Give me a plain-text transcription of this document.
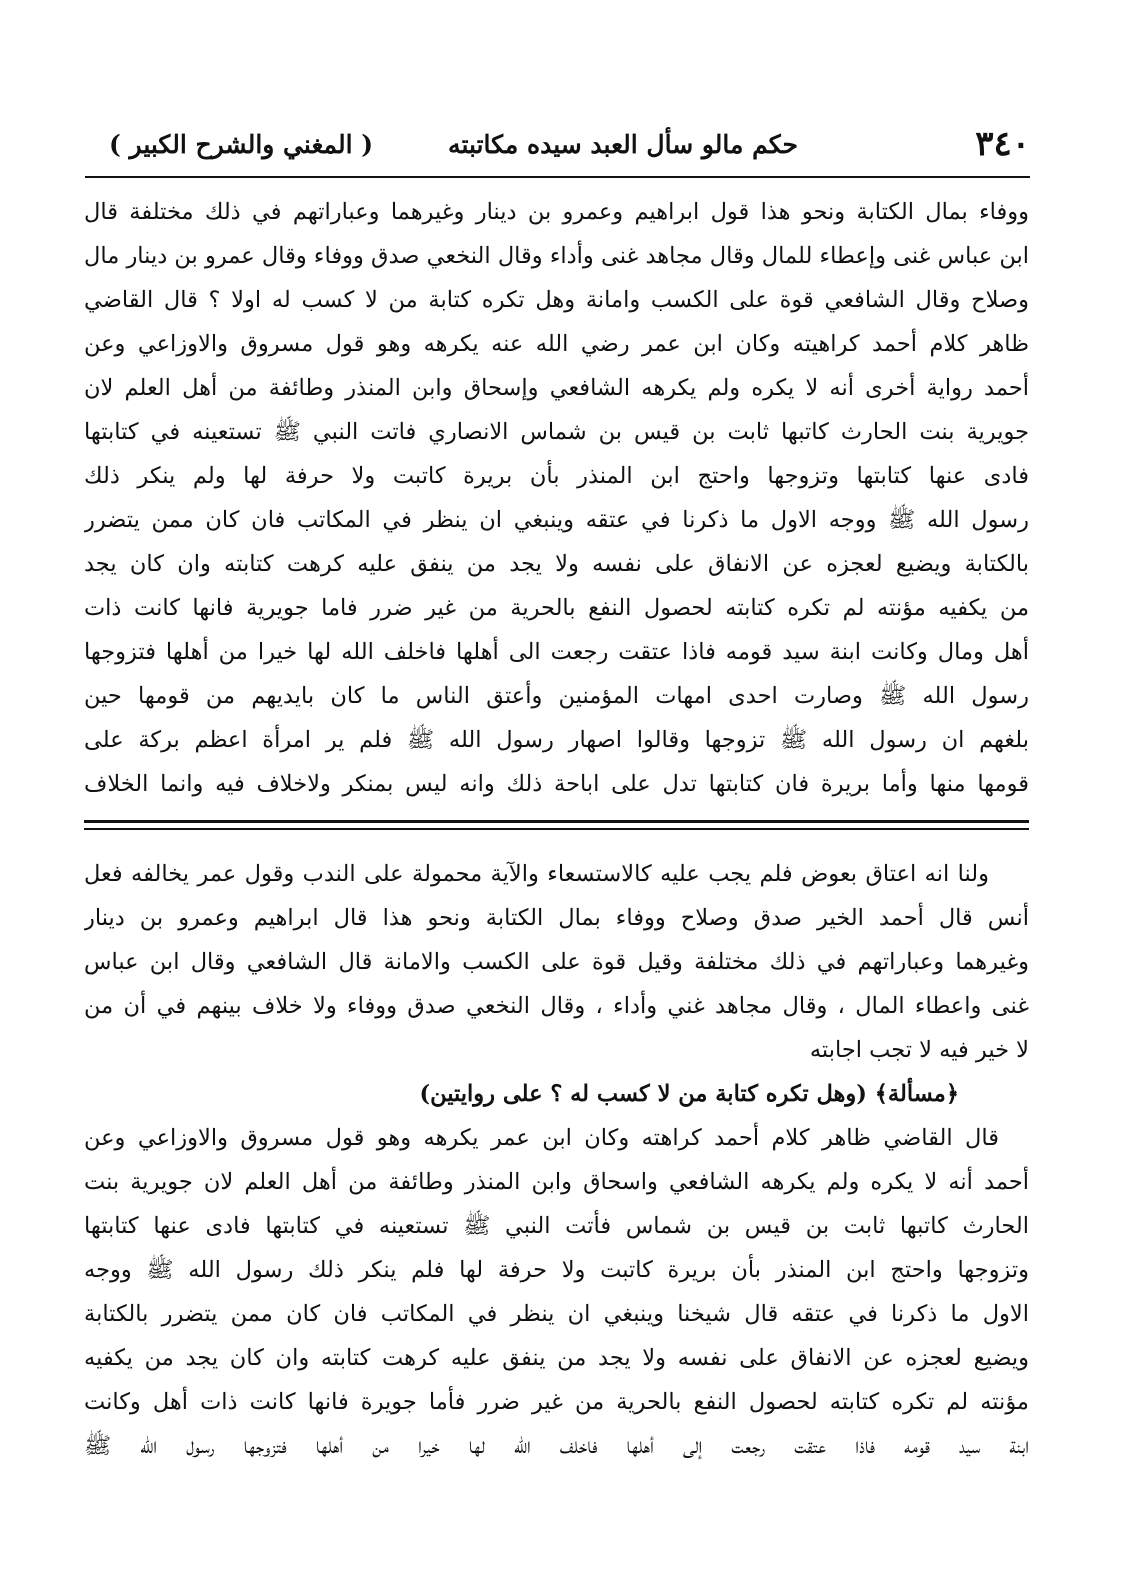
٣٤٠
حكم مالو سأل العبد سيده مكاتبته
( المغني والشرح الكبير )
ووفاء بمال الكتابة ونحو هذا قول ابراهيم وعمرو بن دينار وغيرهما وعباراتهم في ذلك مختلفة قال
ابن عباس غنى وإعطاء للمال وقال مجاهد غنى وأداء وقال النخعي صدق ووفاء وقال عمرو بن دينار مال
وصلاح وقال الشافعي قوة على الكسب وامانة وهل تكره كتابة من لا كسب له اولا ؟ قال القاضي
ظاهر كلام أحمد كراهيته وكان ابن عمر رضي الله عنه يكرهه وهو قول مسروق والاوزاعي وعن
أحمد رواية أخرى أنه لا يكره ولم يكرهه الشافعي وإسحاق وابن المنذر وطائفة من أهل العلم لان
جويرية بنت الحارث كاتبها ثابت بن قيس بن شماس الانصاري فاتت النبي ﷺ تستعينه في كتابتها
فادى عنها كتابتها وتزوجها واحتج ابن المنذر بأن بريرة كاتبت ولا حرفة لها ولم ينكر ذلك
رسول الله ﷺ ووجه الاول ما ذكرنا في عتقه وينبغي ان ينظر في المكاتب فان كان ممن يتضرر
بالكتابة ويضيع لعجزه عن الانفاق على نفسه ولا يجد من ينفق عليه كرهت كتابته وان كان يجد
من يكفيه مؤنته لم تكره كتابته لحصول النفع بالحرية من غير ضرر فاما جويرية فانها كانت ذات
أهل ومال وكانت ابنة سيد قومه فاذا عتقت رجعت الى أهلها فاخلف الله لها خيرا من أهلها فتزوجها
رسول الله ﷺ وصارت احدى امهات المؤمنين وأعتق الناس ما كان بايديهم من قومها حين
بلغهم ان رسول الله ﷺ تزوجها وقالوا اصهار رسول الله ﷺ فلم ير امرأة اعظم بركة على
قومها منها وأما بريرة فان كتابتها تدل على اباحة ذلك وانه ليس بمنكر ولاخلاف فيه وانما الخلاف
ولنا انه اعتاق بعوض فلم يجب عليه كالاستسعاء والآية محمولة على الندب وقول عمر يخالفه فعل
أنس قال أحمد الخير صدق وصلاح ووفاء بمال الكتابة ونحو هذا قال ابراهيم وعمرو بن دينار
وغيرهما وعباراتهم في ذلك مختلفة وقيل قوة على الكسب والامانة قال الشافعي وقال ابن عباس
غنى واعطاء المال ، وقال مجاهد غني وأداء ، وقال النخعي صدق ووفاء ولا خلاف بينهم في أن من
لا خير فيه لا تجب اجابته
﴿مسألة﴾ (وهل تكره كتابة من لا كسب له ؟ على روايتين)
قال القاضي ظاهر كلام أحمد كراهته وكان ابن عمر يكرهه وهو قول مسروق والاوزاعي وعن
أحمد أنه لا يكره ولم يكرهه الشافعي واسحاق وابن المنذر وطائفة من أهل العلم لان جويرية بنت
الحارث كاتبها ثابت بن قيس بن شماس فأتت النبي ﷺ تستعينه في كتابتها فادى عنها كتابتها
وتزوجها واحتج ابن المنذر بأن بريرة كاتبت ولا حرفة لها فلم ينكر ذلك رسول الله ﷺ ووجه
الاول ما ذكرنا في عتقه قال شيخنا وينبغي ان ينظر في المكاتب فان كان ممن يتضرر بالكتابة
ويضيع لعجزه عن الانفاق على نفسه ولا يجد من ينفق عليه كرهت كتابته وان كان يجد من يكفيه
مؤنته لم تكره كتابته لحصول النفع بالحرية من غير ضرر فأما جويرة فانها كانت ذات أهل وكانت
ابنة سيد قومه فاذا عتقت رجعت إلى أهلها فاخلف الله لها خيرا من أهلها فتزوجها رسول الله ﷺ
